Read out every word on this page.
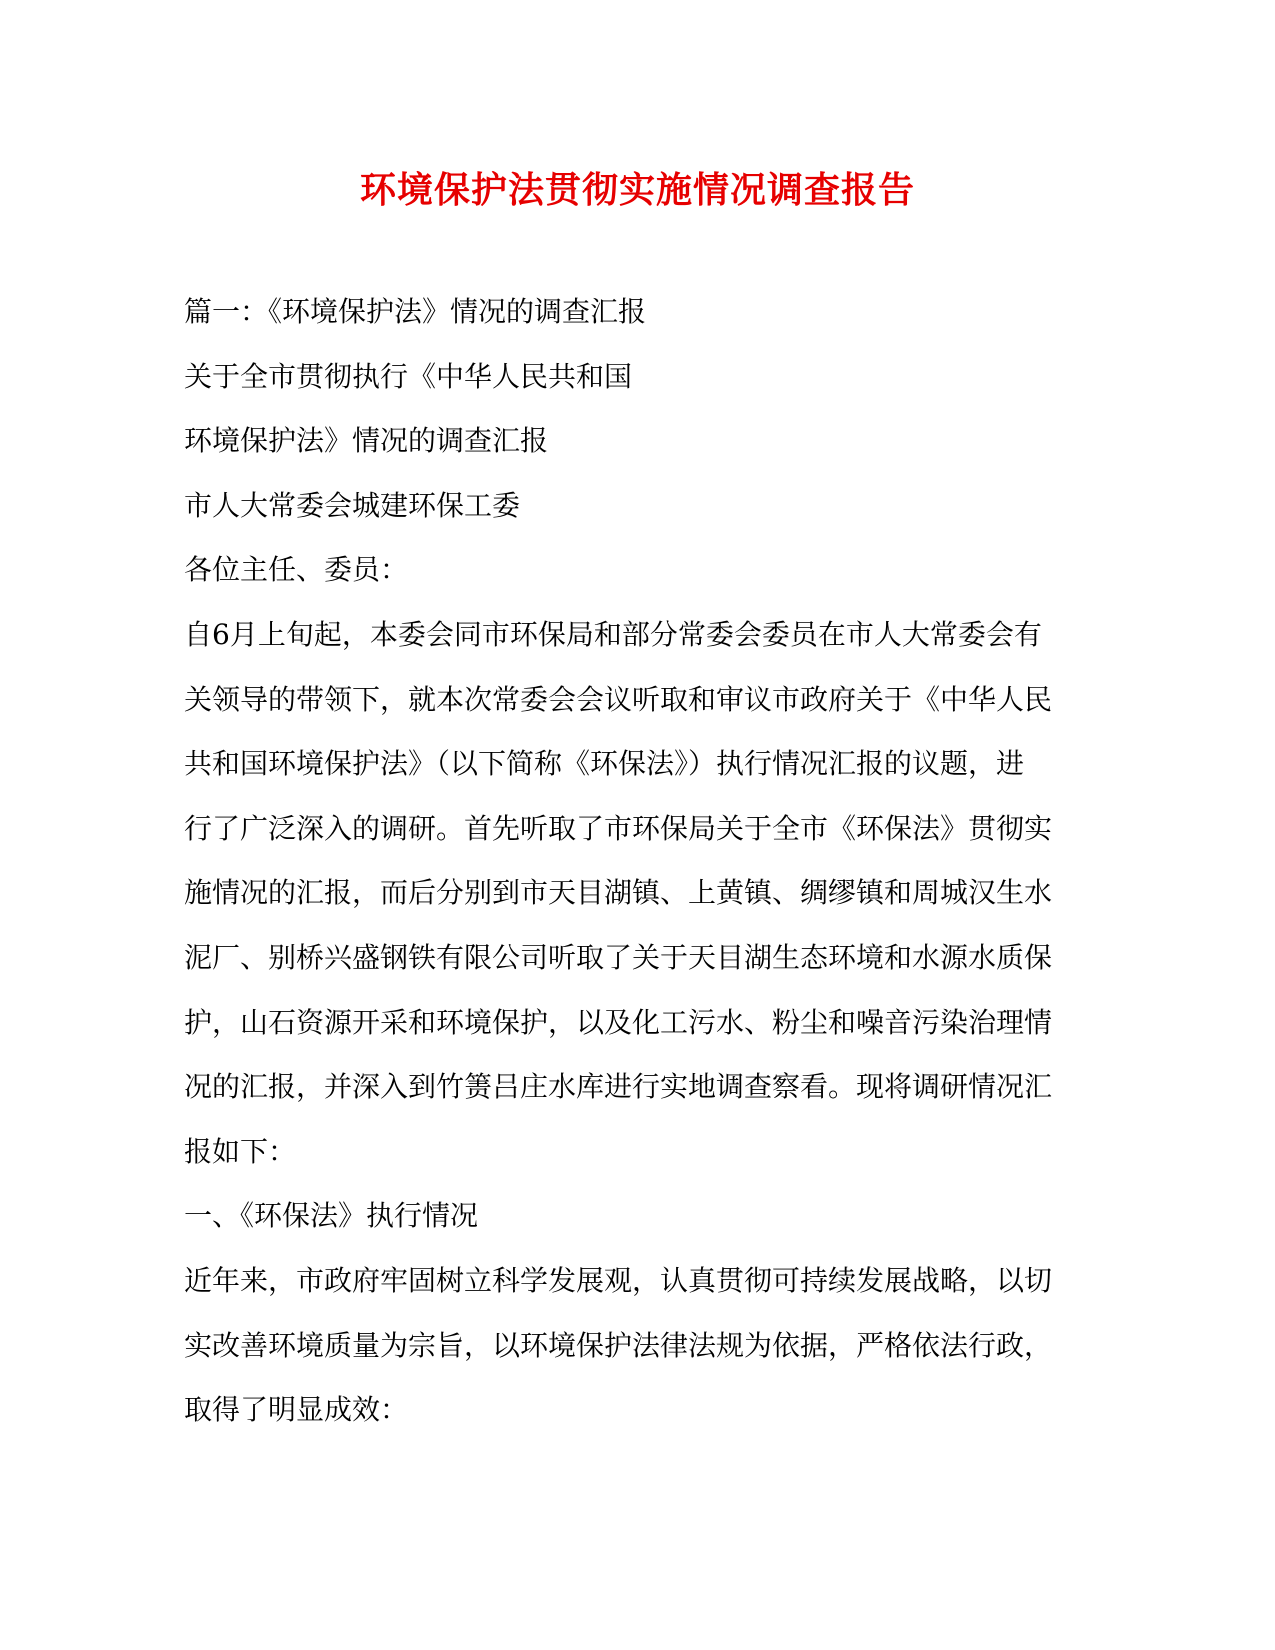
环境保护法贯彻实施情况调查报告

篇一：《环境保护法》情况的调查汇报

关于全市贯彻执行《中华人民共和国

环境保护法》情况的调查汇报

市人大常委会城建环保工委

各位主任、委员：

自6月上旬起，本委会同市环保局和部分常委会委员在市人大常委会有

关领导的带领下，就本次常委会会议听取和审议市政府关于《中华人民

共和国环境保护法》（以下简称《环保法》）执行情况汇报的议题，进

行了广泛深入的调研。首先听取了市环保局关于全市《环保法》贯彻实

施情况的汇报，而后分别到市天目湖镇、上黄镇、绸缪镇和周城汉生水

泥厂、别桥兴盛钢铁有限公司听取了关于天目湖生态环境和水源水质保

护，山石资源开采和环境保护，以及化工污水、粉尘和噪音污染治理情

况的汇报，并深入到竹箦吕庄水库进行实地调查察看。现将调研情况汇

报如下：

一、《环保法》执行情况

近年来，市政府牢固树立科学发展观，认真贯彻可持续发展战略，以切

实改善环境质量为宗旨，以环境保护法律法规为依据，严格依法行政，

取得了明显成效：
